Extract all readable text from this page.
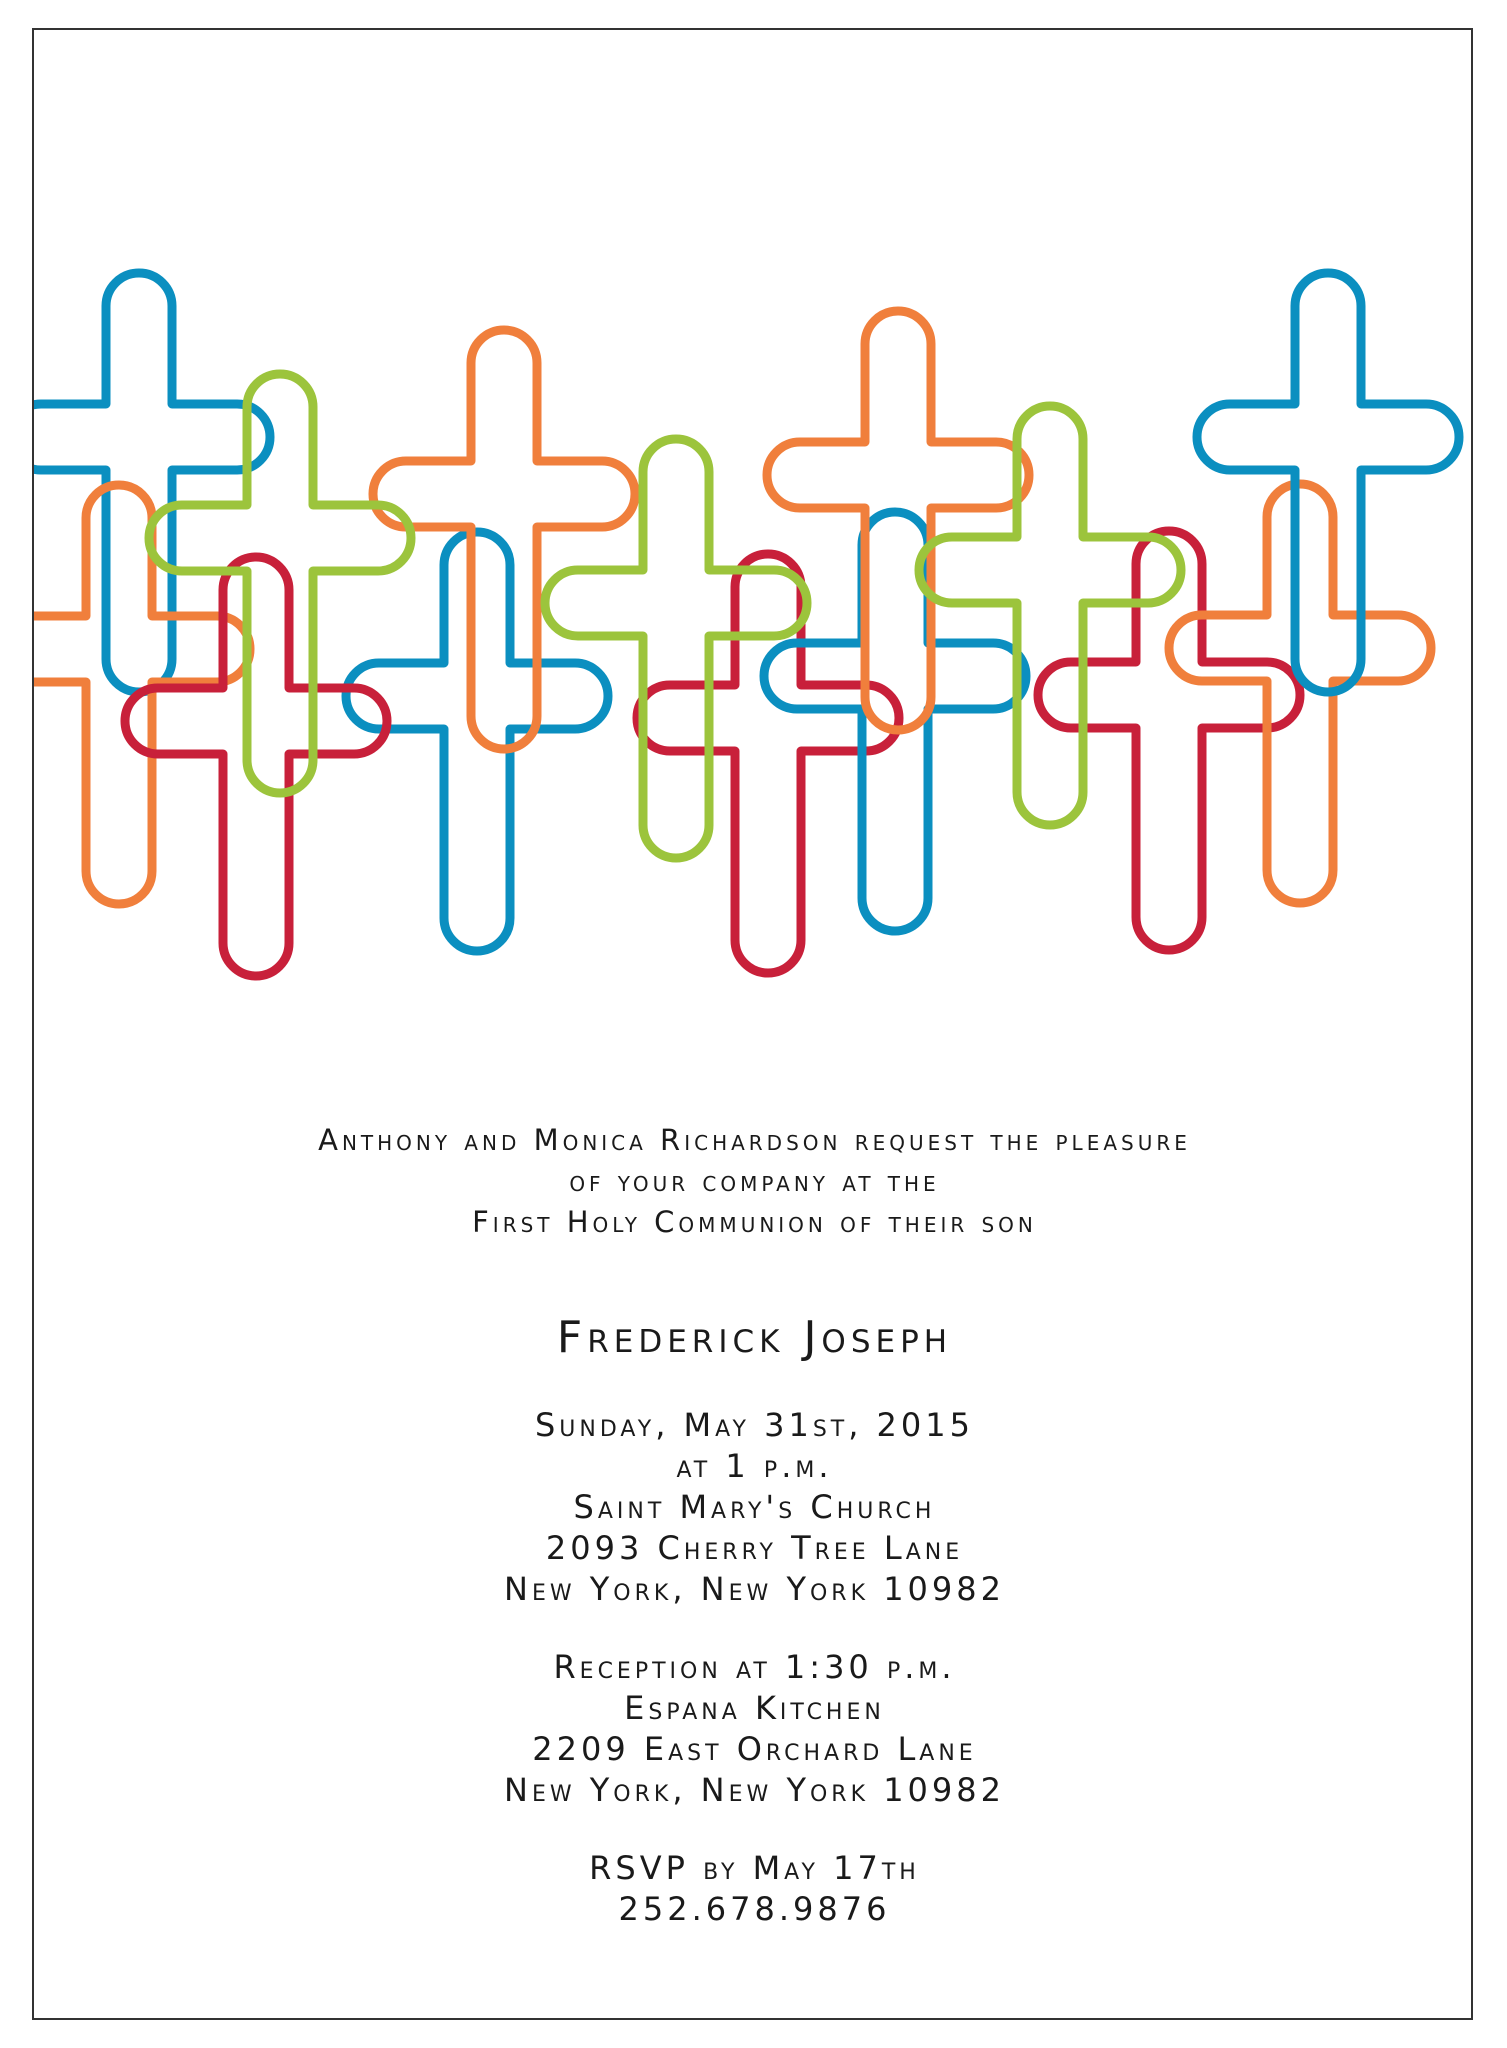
Anthony and Monica Richardson request the pleasure
of your company at the
First Holy Communion of their son
Frederick Joseph
Sunday, May 31st, 2015
at 1 p.m.
Saint Mary's Church
2093 Cherry Tree Lane
New York, New York 10982
Reception at 1:30 p.m.
Espana Kitchen
2209 East Orchard Lane
New York, New York 10982
RSVP by May 17th
252.678.9876
